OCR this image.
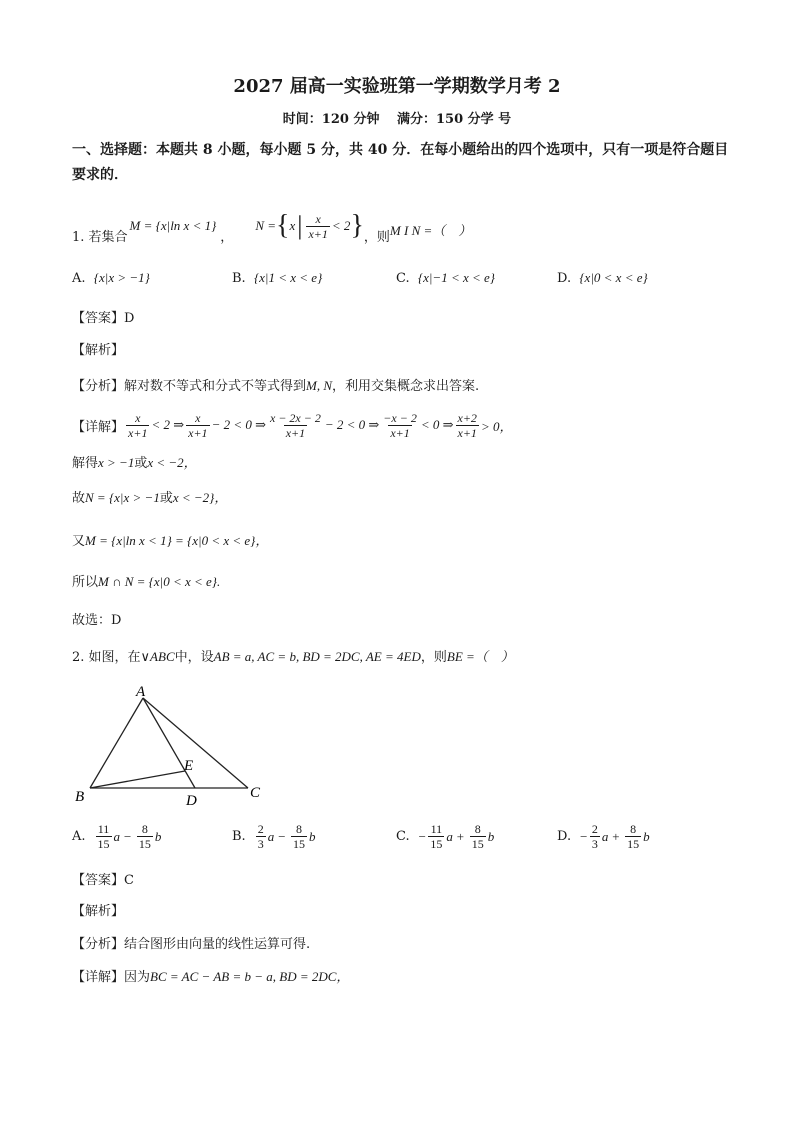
2027 届高一实验班第一学期数学月考 2
时间：120 分钟　 满分：150 分学 号
一、选择题：本题共 8 小题，每小题 5 分，共 40 分．在每小题给出的四个选项中，只有一项是符合题目要求的．
1. 若集合
M = {x|ln x < 1}
，
N = { x | $\frac{x}{x+1} < 2$ } ，则 M I N =（　）
A. {x|x > −1}	B. {x|1 < x < e}	C. {x|−1 < x < e}	D. {x|0 < x < e}
【答案】D
【解析】
【分析】解对数不等式和分式不等式得到M, N，利用交集概念求出答案.
【详解】 $\frac{x}{x+1} < 2$ ⇒ $\frac{x}{x+1} - 2 < 0$ ⇒ $\frac{x - 2x - 2}{x+1} - 2 < 0$ ⇒ $\frac{-x - 2}{x+1} < 0$ ⇒ $\frac{x+2}{x+1} > 0$，
解得x > −1或x < −2，
故N = {x|x > −1或x < −2}，
又M = {x|ln x < 1} = {x|0 < x < e}，
所以M ∩ N = {x|0 < x < e}.
故选：D
2. 如图，在∨ABC中，设AB = a, AC = b, BD = 2DC, AE = 4ED，则BE =（　）
A
B	C
D
E
A. $\frac{11}{15}$ $a - \frac{8}{15}$ b	B. $\frac{2}{3}$ $a - \frac{8}{15}$ b	C. − $\frac{11}{15}$ $a + \frac{8}{15}$ b	D. − $\frac{2}{3}$ $a + \frac{8}{15}$ b
【答案】C
【解析】
【分析】结合图形由向量的线性运算可得.
【详解】因为BC = AC − AB = b − a, BD = 2DC，
